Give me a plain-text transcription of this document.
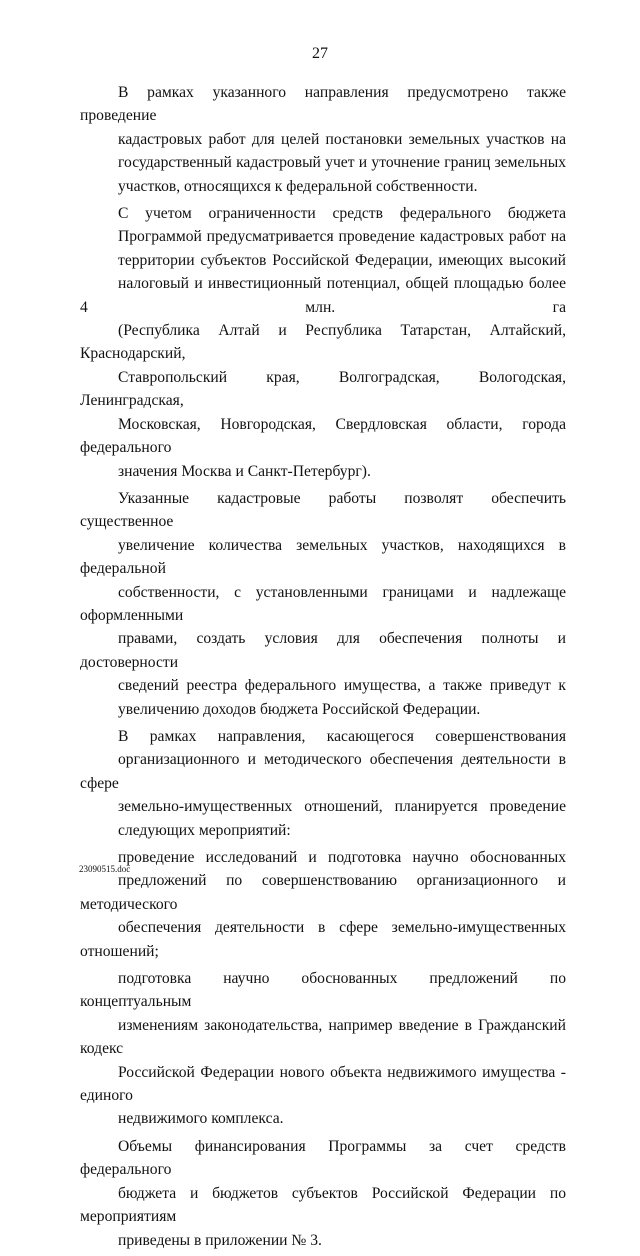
27

В рамках указанного направления предусмотрено также проведение
кадастровых работ для целей постановки земельных участков на
государственный кадастровый учет и уточнение границ земельных
участков, относящихся к федеральной собственности.

С учетом ограниченности средств федерального бюджета
Программой предусматривается проведение кадастровых работ на
территории субъектов Российской Федерации, имеющих высокий
налоговый и инвестиционный потенциал, общей площадью более 4 млн. га
(Республика Алтай и Республика Татарстан, Алтайский, Краснодарский,
Ставропольский края, Волгоградская, Вологодская, Ленинградская,
Московская, Новгородская, Свердловская области, города федерального
значения Москва и Санкт-Петербург).

Указанные кадастровые работы позволят обеспечить существенное
увеличение количества земельных участков, находящихся в федеральной
собственности, с установленными границами и надлежаще оформленными
правами, создать условия для обеспечения полноты и достоверности
сведений реестра федерального имущества, а также приведут к
увеличению доходов бюджета Российской Федерации.

В рамках направления, касающегося совершенствования
организационного и методического обеспечения деятельности в сфере
земельно-имущественных отношений, планируется проведение
следующих мероприятий:

проведение исследований и подготовка научно обоснованных
предложений по совершенствованию организационного и методического
обеспечения деятельности в сфере земельно-имущественных отношений;

подготовка научно обоснованных предложений по концептуальным
изменениям законодательства, например введение в Гражданский кодекс
Российской Федерации нового объекта недвижимого имущества - единого
недвижимого комплекса.

Объемы финансирования Программы за счет средств федерального
бюджета и бюджетов субъектов Российской Федерации по мероприятиям
приведены в приложении № 3.

23090515.doc
